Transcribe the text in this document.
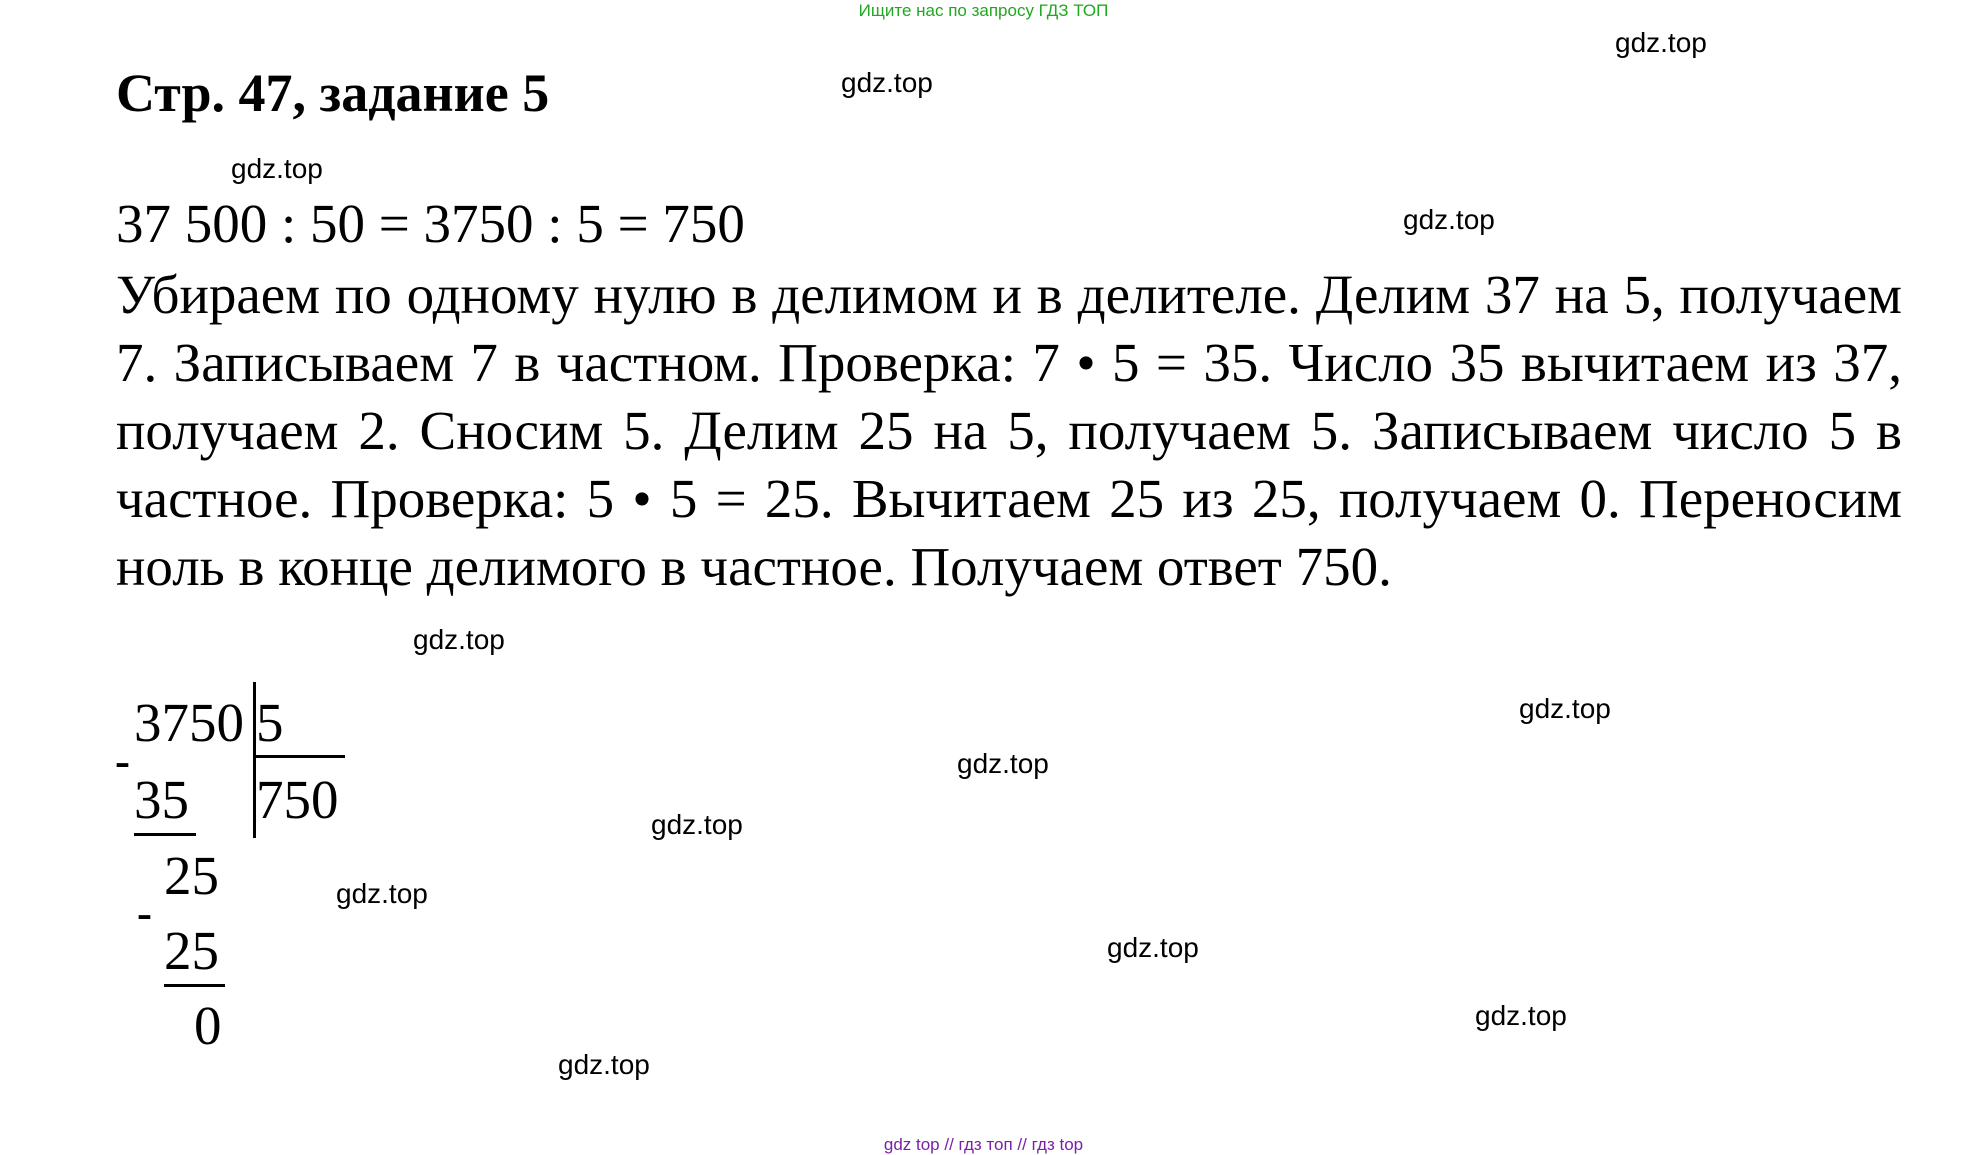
Ищите нас по запросу ГДЗ ТОП
Стр. 47, задание 5

37 500 : 50 = 3750 : 5 = 750

Убираем по одному нулю в делимом и в делителе. Делим 37 на 5, получаем 7. Записываем 7 в частном. Проверка: 7 • 5 = 35. Число 35 вычитаем из 37, получаем 2. Сносим 5. Делим 25 на 5, получаем 5. Записываем число 5 в частное. Проверка: 5 • 5 = 25. Вычитаем 25 из 25, получаем 0. Переносим ноль в конце делимого в частное. Получаем ответ 750.

3750 5
750
-
35
25
-
25
0
gdz.top
gdz.top
gdz.top
gdz.top
gdz.top
gdz.top
gdz.top
gdz.top
gdz.top
gdz.top
gdz.top
gdz.top
gdz top // гдз топ // гдз top
